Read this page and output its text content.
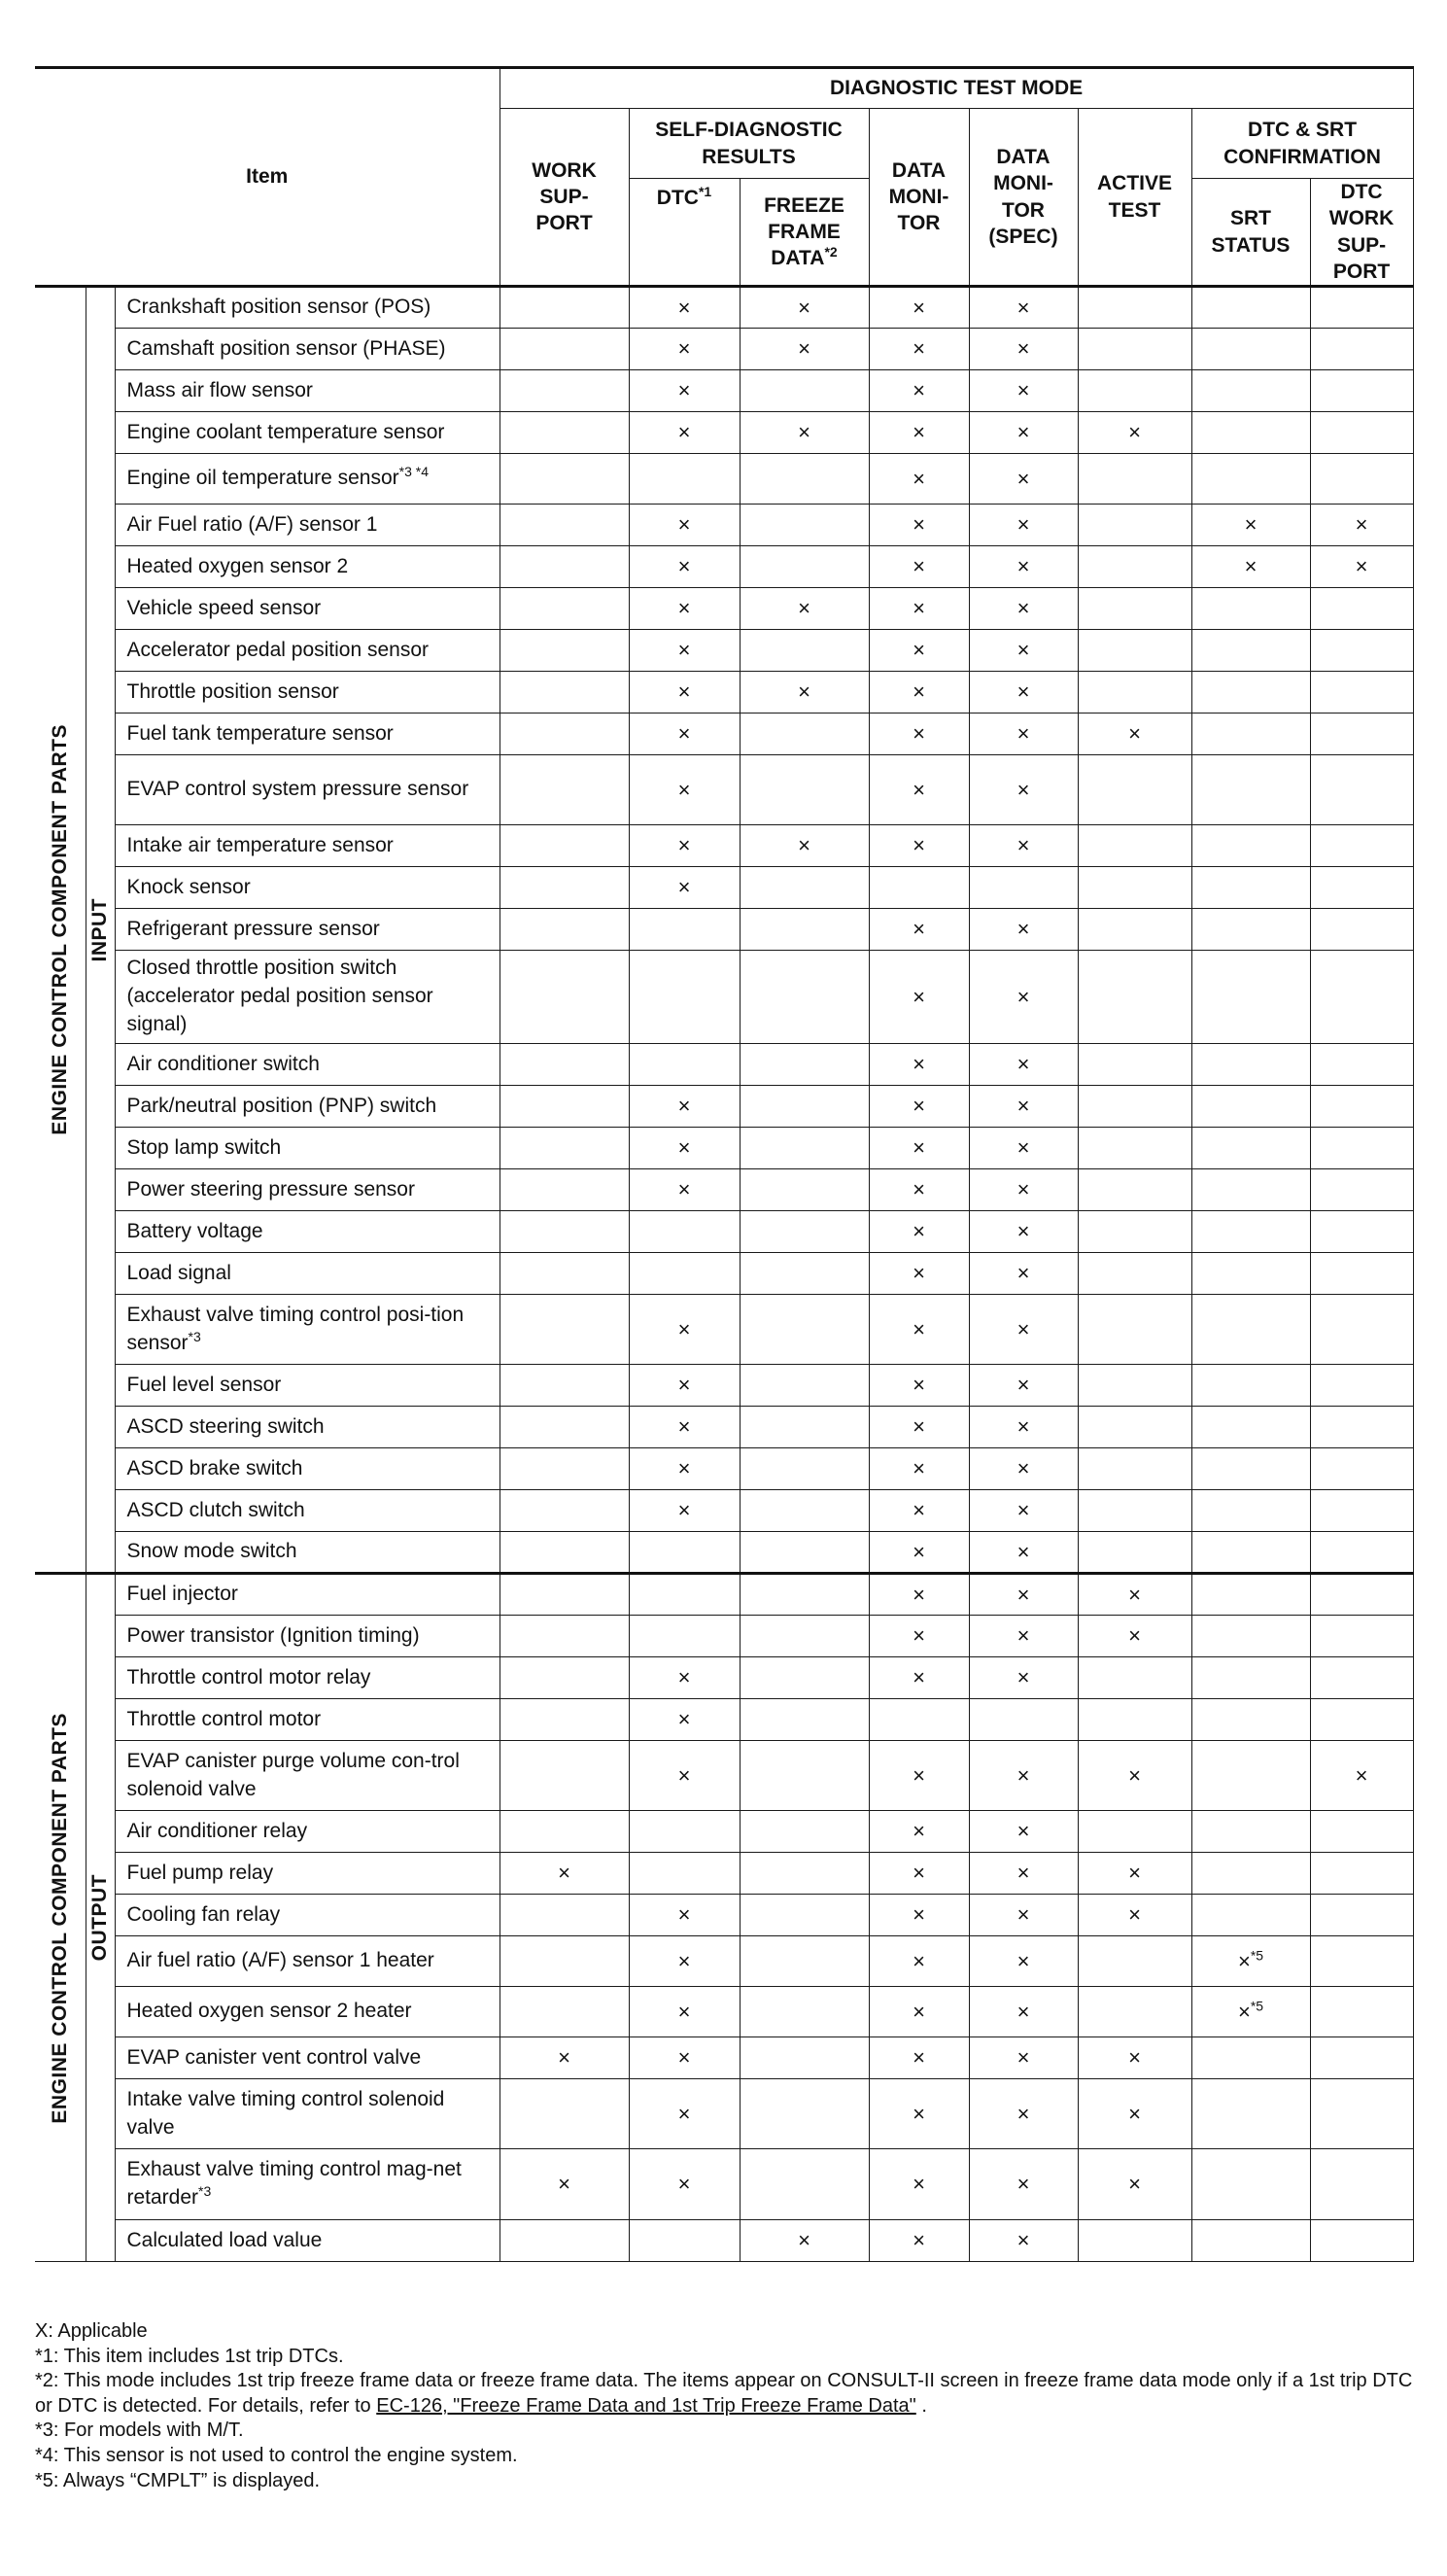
Item			DIAGNOSTIC TEST MODE							
			WORK SUP-PORT	SELF-DIAGNOSTIC RESULTS		DATA MONI-TOR	DATA MONI-TOR (SPEC)	ACTIVE TEST	DTC & SRT CONFIRMATION	
				DTC$^{*1}$	FREEZE FRAME DATA$^{*2}$				SRT STATUS	DTC WORK SUP-PORT

ENGINE CONTROL COMPONENT PARTS	INPUT	Crankshaft position sensor (POS)		×	×	×	×			
		Camshaft position sensor (PHASE)		×	×	×	×			
		Mass air flow sensor		×		×	×			
		Engine coolant temperature sensor		×	×	×	×	×		
		Engine oil temperature sensor$^{*3 *4}$				×	×			
		Air Fuel ratio (A/F) sensor 1		×		×	×		×	×
		Heated oxygen sensor 2		×		×	×		×	×
		Vehicle speed sensor		×	×	×	×			
		Accelerator pedal position sensor		×		×	×			
		Throttle position sensor		×	×	×	×			
		Fuel tank temperature sensor		×		×	×	×		
		EVAP control system pressure sensor		×		×	×			
		Intake air temperature sensor		×	×	×	×			
		Knock sensor		×						
		Refrigerant pressure sensor				×	×			
		Closed throttle position switch (accelerator pedal position sensor signal)				×	×			
		Air conditioner switch				×	×			
		Park/neutral position (PNP) switch		×		×	×			
		Stop lamp switch		×		×	×			
		Power steering pressure sensor		×		×	×			
		Battery voltage				×	×			
		Load signal				×	×			
		Exhaust valve timing control posi-tion sensor$^{*3}$		×		×	×			
		Fuel level sensor		×		×	×			
		ASCD steering switch		×		×	×			
		ASCD brake switch		×		×	×			
		ASCD clutch switch		×		×	×			
		Snow mode switch				×	×			

ENGINE CONTROL COMPONENT PARTS	OUTPUT	Fuel injector				×	×	×		
		Power transistor (Ignition timing)				×	×	×		
		Throttle control motor relay		×		×	×			
		Throttle control motor		×						
		EVAP canister purge volume con-trol solenoid valve		×		×	×	×		×
		Air conditioner relay				×	×			
		Fuel pump relay	×			×	×	×		
		Cooling fan relay		×		×	×	×		
		Air fuel ratio (A/F) sensor 1 heater		×		×	×		×$^{*5}$	
		Heated oxygen sensor 2 heater		×		×	×		×$^{*5}$	
		EVAP canister vent control valve	×	×		×	×	×		
		Intake valve timing control solenoid valve		×		×	×	×		
		Exhaust valve timing control mag-net retarder$^{*3}$	×	×		×	×	×		
		Calculated load value			×	×	×			

X: Applicable

*1: This item includes 1st trip DTCs.

*2: This mode includes 1st trip freeze frame data or freeze frame data. The items appear on CONSULT-II screen in freeze frame data mode only if a 1st trip DTC or DTC is detected. For details, refer to EC-126, "Freeze Frame Data and 1st Trip Freeze Frame Data" .

*3: For models with M/T.

*4: This sensor is not used to control the engine system.

*5: Always “CMPLT” is displayed.
